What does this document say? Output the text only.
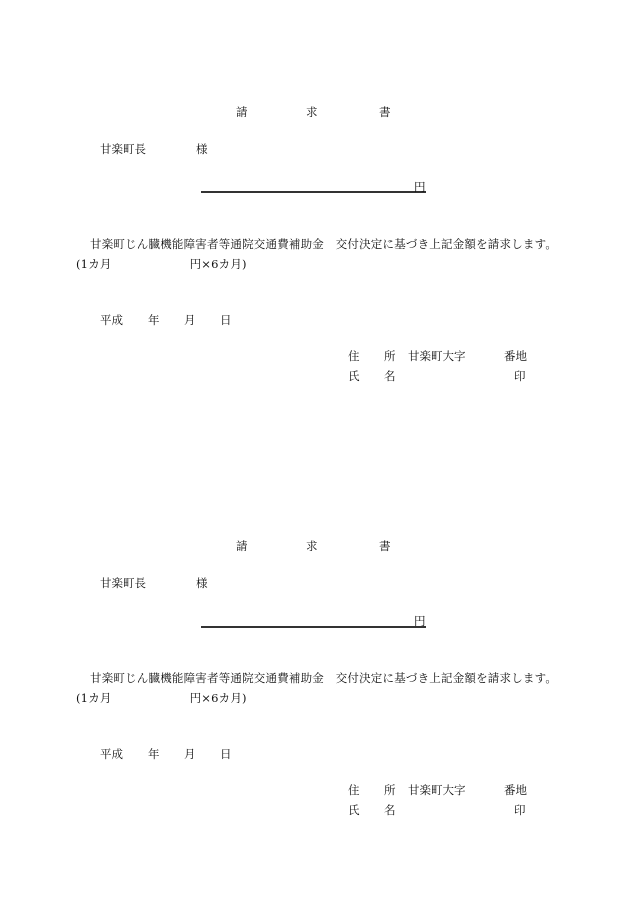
請	求	書
甘楽町長	様
円
甘楽町じん臓機能障害者等通院交通費補助金　交付決定に基づき上記金額を請求します。(1カ月	円×6カ月)
平成 年 月 日
住 所 甘楽町大字	番地
氏 名	印
請	求	書
甘楽町長	様
円
甘楽町じん臓機能障害者等通院交通費補助金　交付決定に基づき上記金額を請求します。(1カ月	円×6カ月)
平成 年 月 日
住 所 甘楽町大字	番地
氏 名	印
